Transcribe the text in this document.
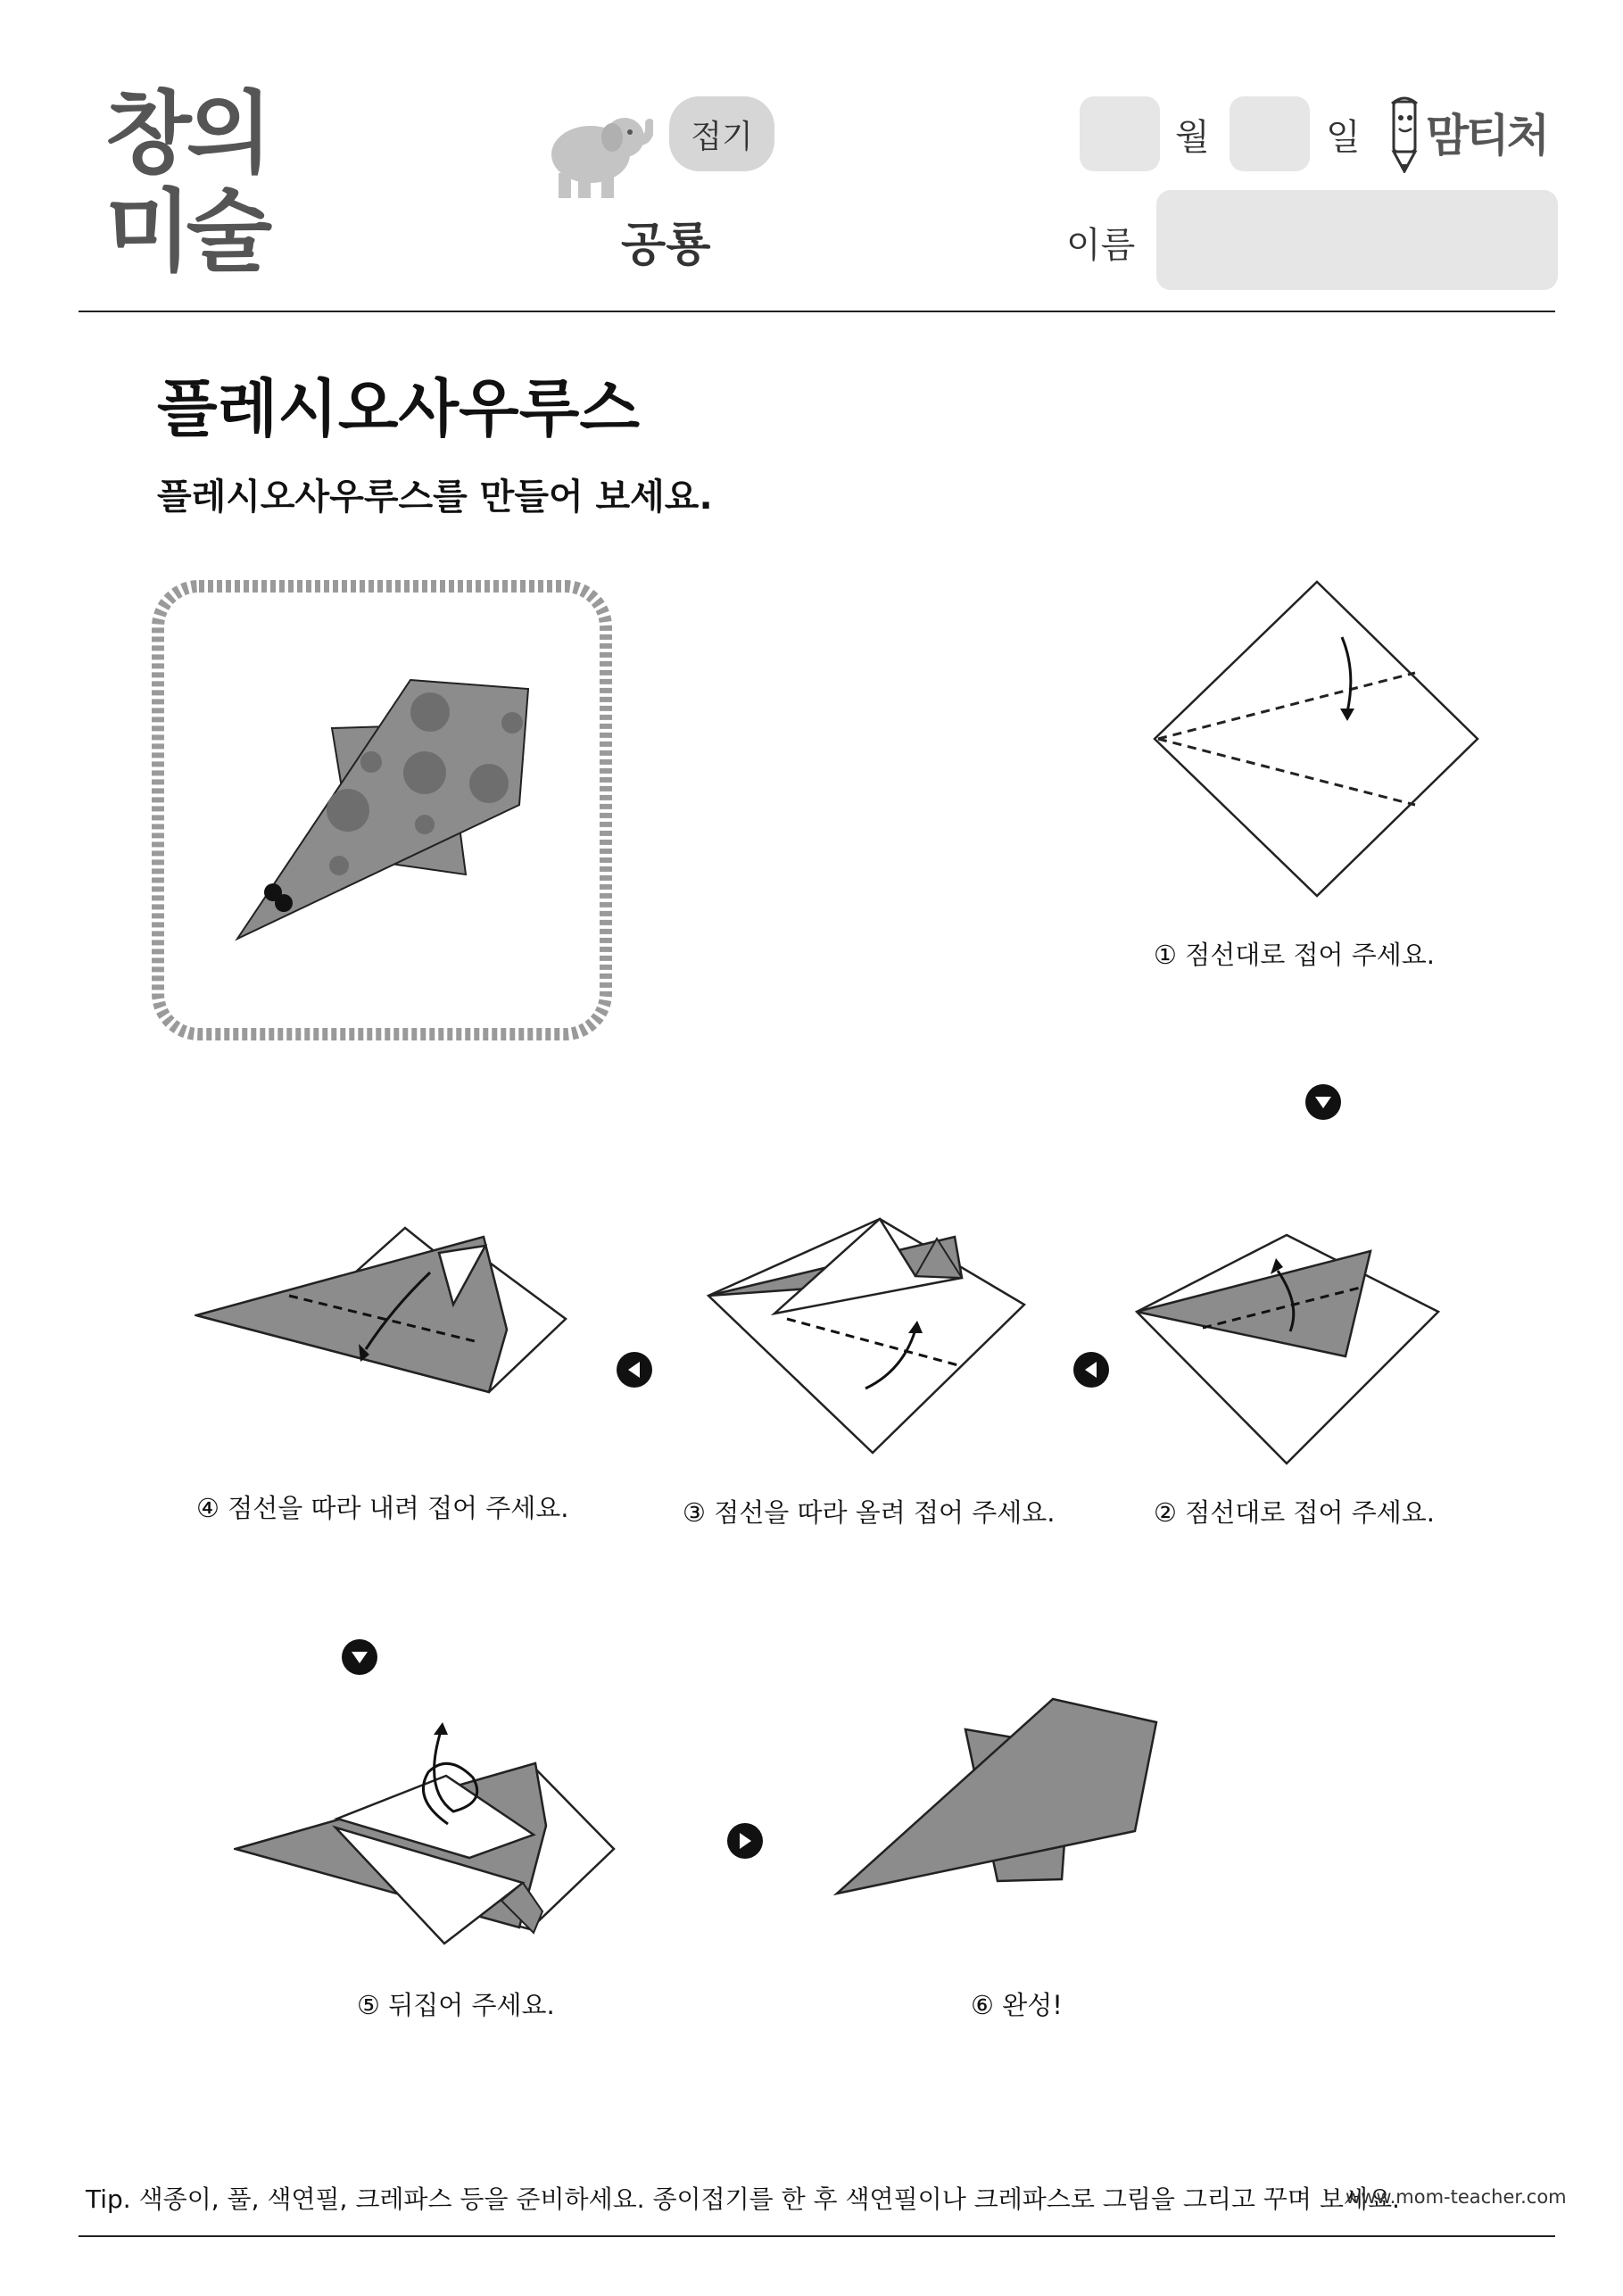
창의
미술
접기
공룡
월	일 맘티처
이름
플레시오사우루스
플레시오사우루스를 만들어 보세요.
① 점선대로 접어 주세요.
② 점선대로 접어 주세요.
③ 점선을 따라 올려 접어 주세요.
④ 점선을 따라 내려 접어 주세요.
⑤ 뒤집어 주세요.	⑥ 완성!
Tip. 색종이, 풀, 색연필, 크레파스 등을 준비하세요. 종이접기를 한 후 색연필이나 크레파스로 그림을 그리고 꾸며 보세요.
www.mom-teacher.com
